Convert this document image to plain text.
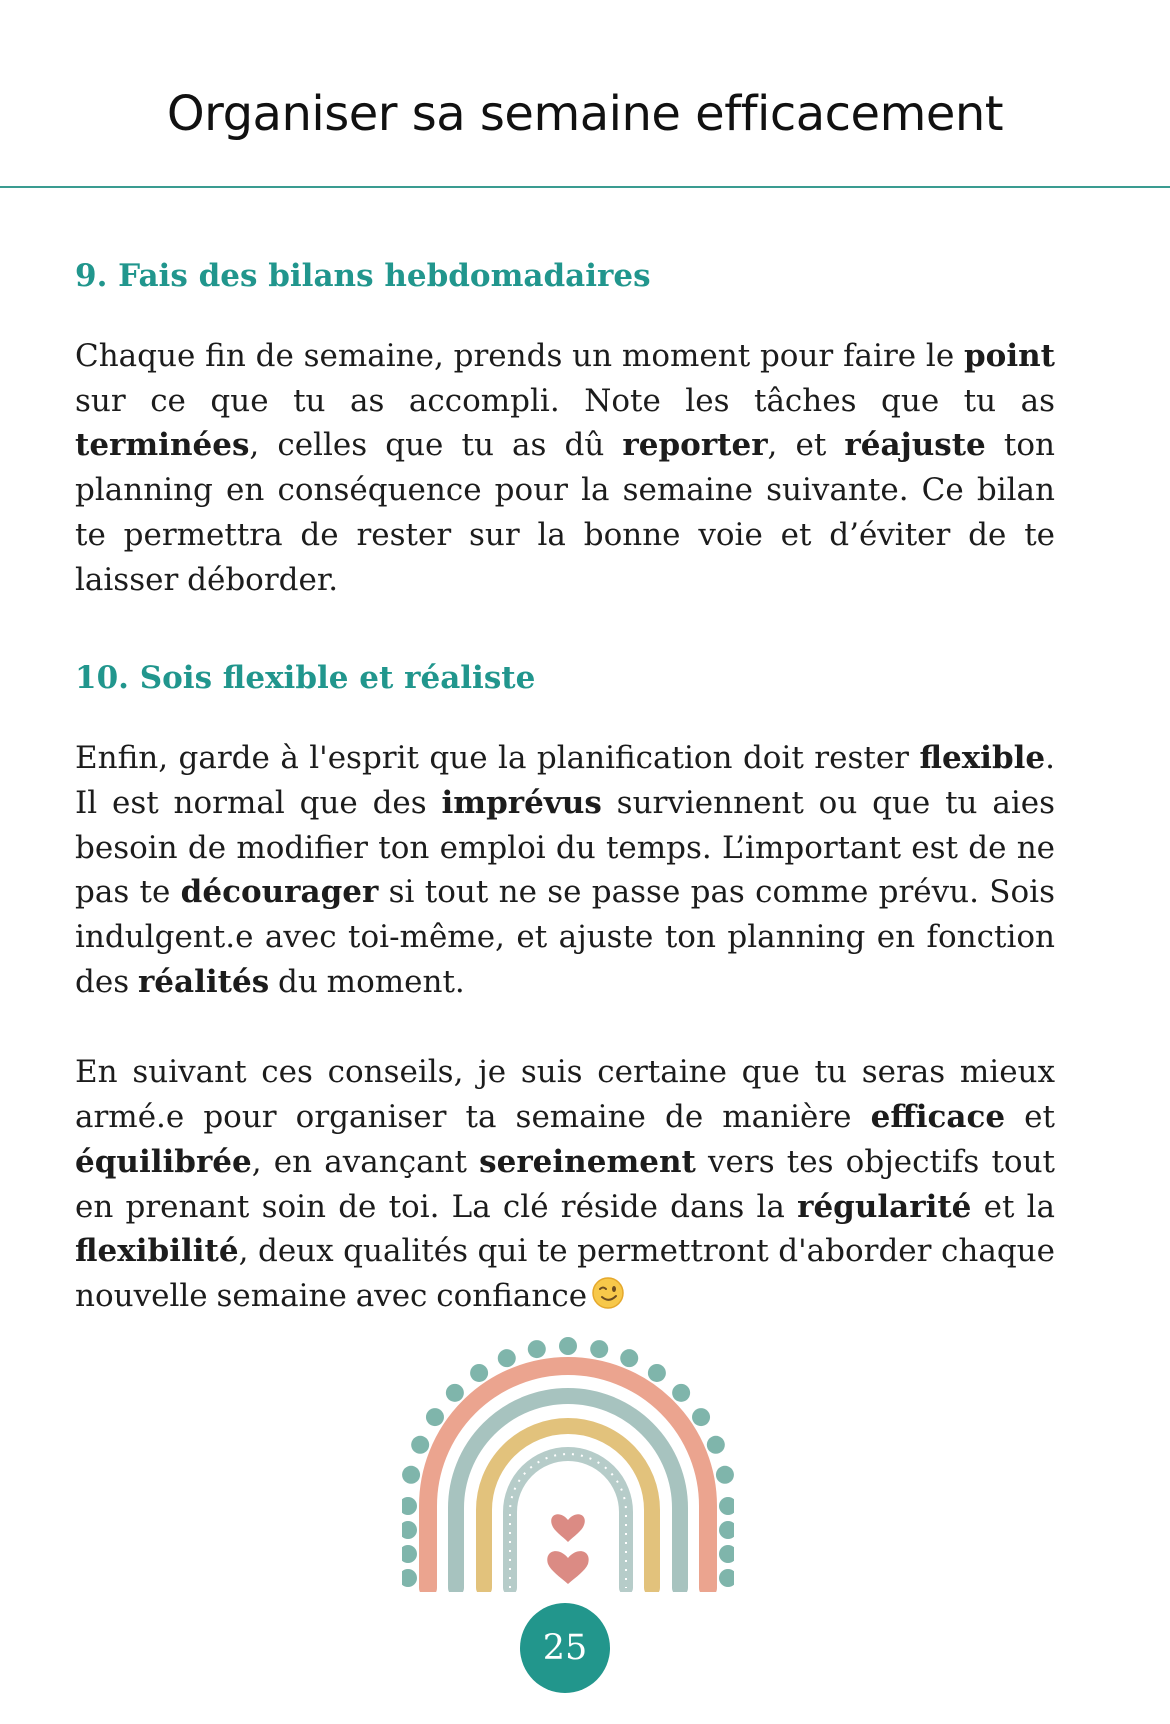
Organiser sa semaine efficacement
9. Fais des bilans hebdomadaires

Chaque fin de semaine, prends un moment pour faire le point sur ce que tu as accompli. Note les tâches que tu as terminées, celles que tu as dû reporter, et réajuste ton planning en conséquence pour la semaine suivante. Ce bilan te permettra de rester sur la bonne voie et d’éviter de te laisser déborder.

10. Sois flexible et réaliste

Enfin, garde à l'esprit que la planification doit rester flexible. Il est normal que des imprévus surviennent ou que tu aies besoin de modifier ton emploi du temps. L’important est de ne pas te décourager si tout ne se passe pas comme prévu. Sois indulgent.e avec toi-même, et ajuste ton planning en fonction des réalités du moment.

En suivant ces conseils, je suis certaine que tu seras mieux armé.e pour organiser ta semaine de manière efficace et équilibrée, en avançant sereinement vers tes objectifs tout en prenant soin de toi. La clé réside dans la régularité et la flexibilité, deux qualités qui te permettront d'aborder chaque nouvelle semaine avec confiance

25
